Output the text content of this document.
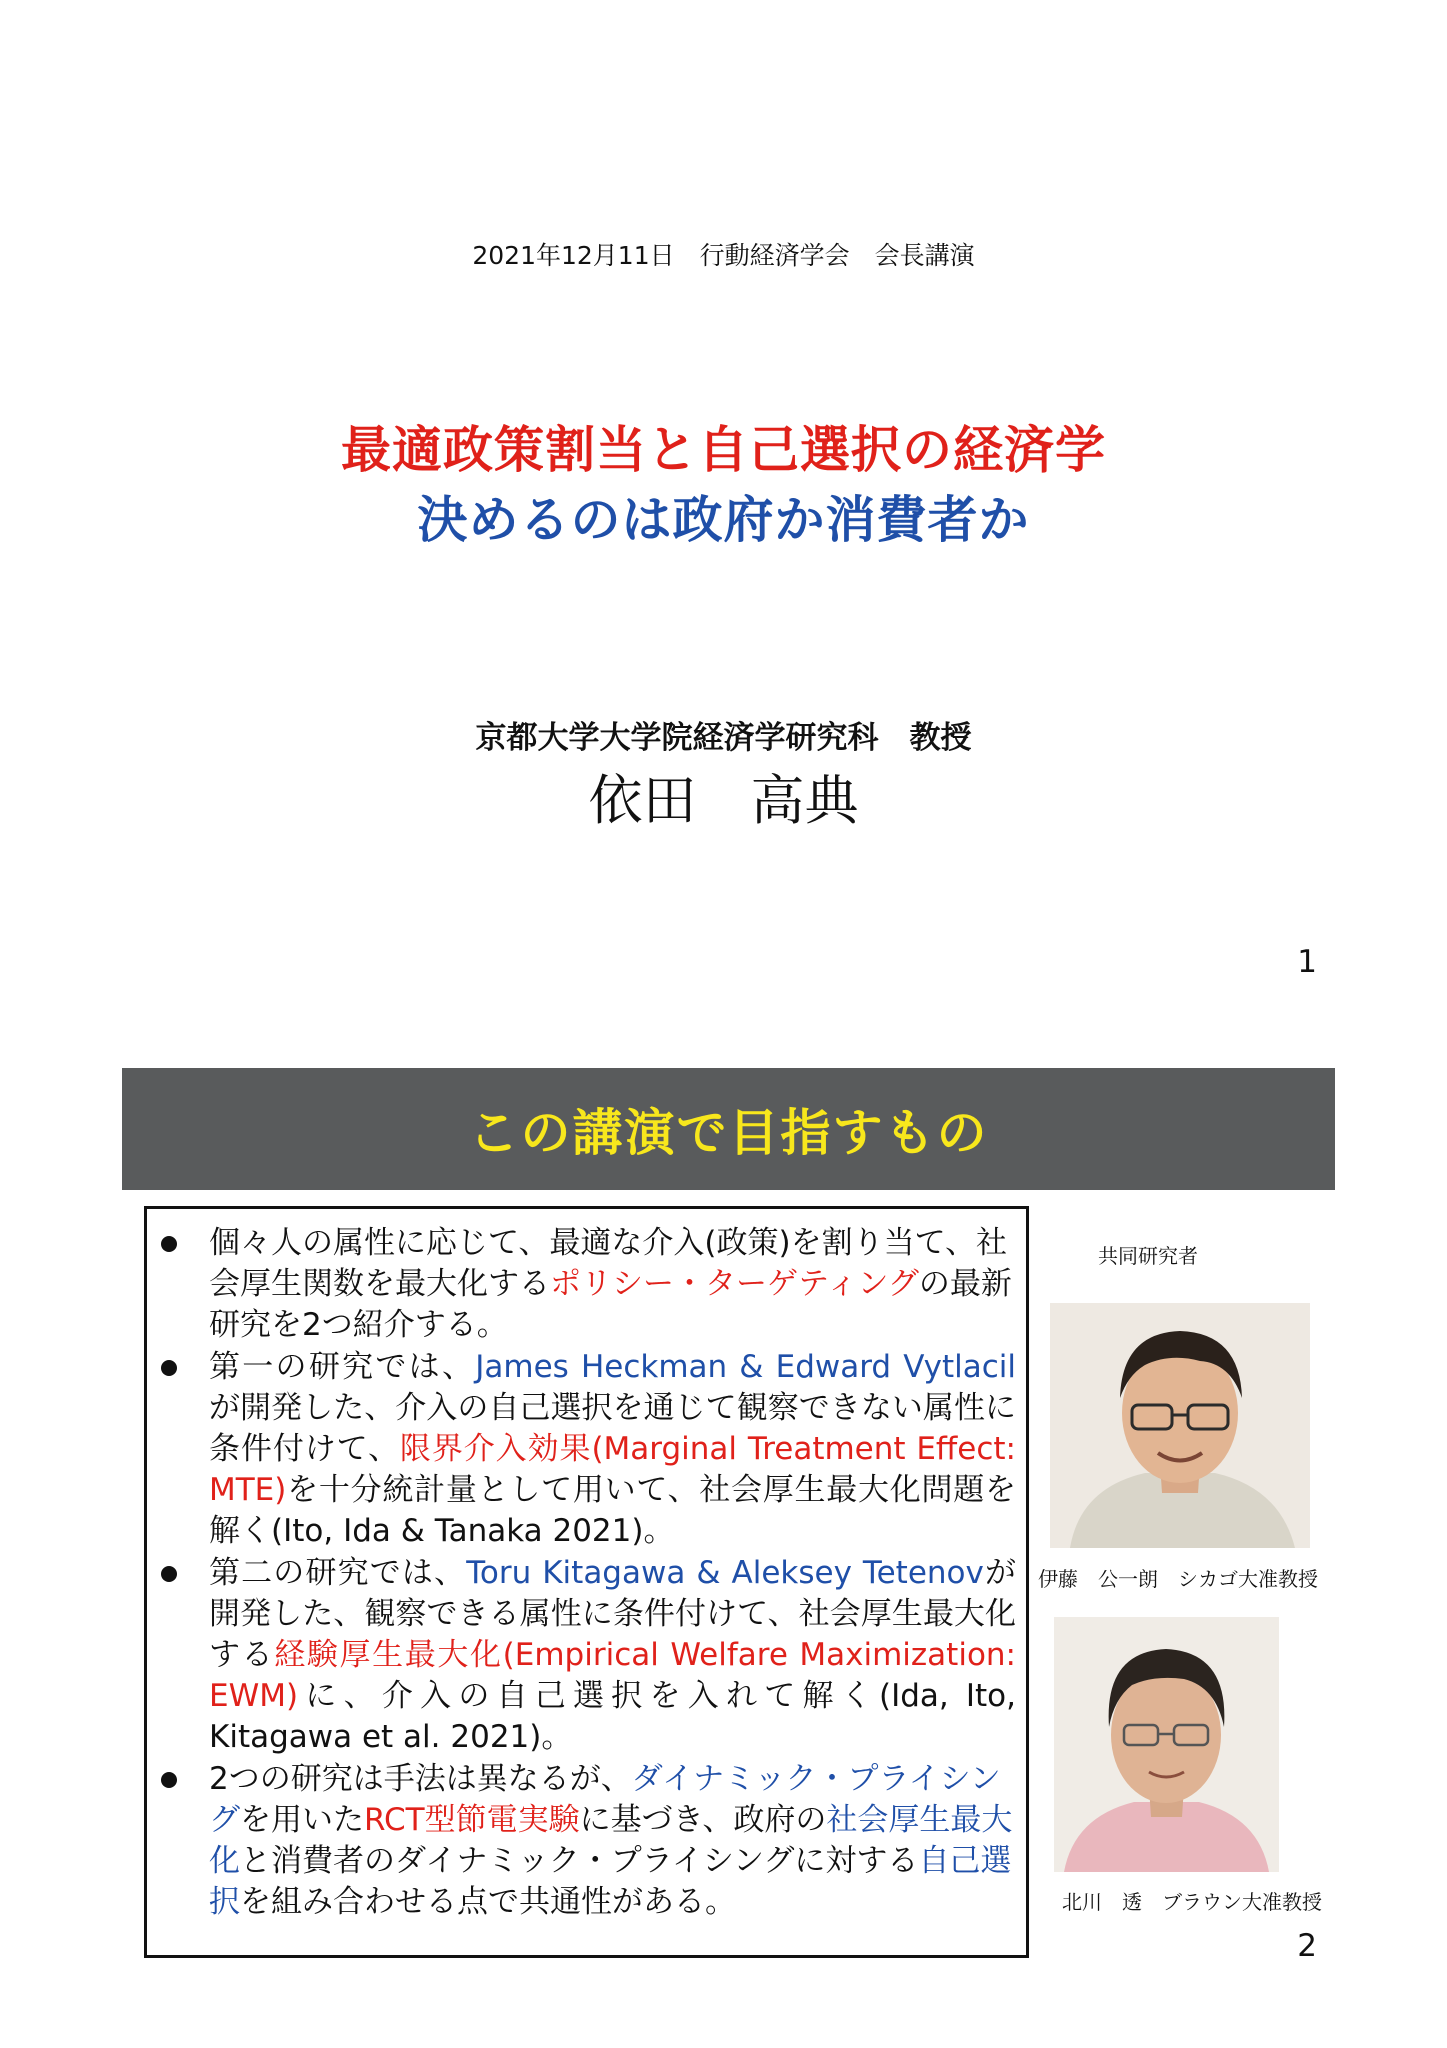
2021年12月11日　行動経済学会　会長講演
最適政策割当と自己選択の経済学
決めるのは政府か消費者か
京都大学大学院経済学研究科　教授
依田　高典
1
この講演で目指すもの
個々人の属性に応じて、最適な介入(政策)を割り当て、社会厚生関数を最大化するポリシー・ターゲティングの最新研究を2つ紹介する。
第一の研究では、James Heckman & Edward Vytlacilが開発した、介入の自己選択を通じて観察できない属性に条件付けて、限界介入効果(Marginal Treatment Effect: MTE)を十分統計量として用いて、社会厚生最大化問題を解く(Ito, Ida & Tanaka 2021)。
第二の研究では、Toru Kitagawa & Aleksey Tetenovが開発した、観察できる属性に条件付けて、社会厚生最大化する経験厚生最大化(Empirical Welfare Maximization: EWM)に、介入の自己選択を入れて解く(Ida, Ito, Kitagawa et al. 2021)。
2つの研究は手法は異なるが、ダイナミック・プライシングを用いたRCT型節電実験に基づき、政府の社会厚生最大化と消費者のダイナミック・プライシングに対する自己選択を組み合わせる点で共通性がある。
共同研究者
伊藤　公一朗　シカゴ大准教授
北川　透　ブラウン大准教授
2
